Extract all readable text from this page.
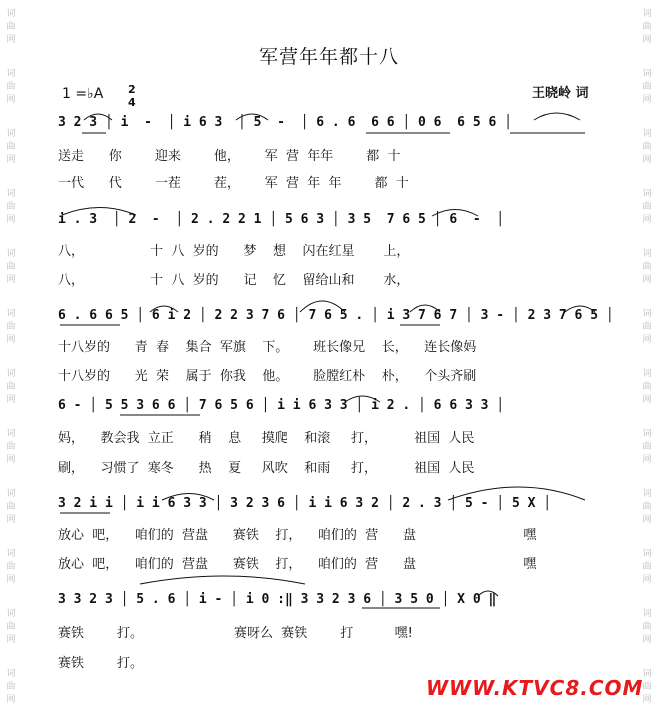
词
曲
网
词
曲
网
词
曲
网
词
曲
网
词
曲
网
词
曲
网
词
曲
网
词
曲
网
词
曲
网
词
曲
网
词
曲
网
词
曲
网
词
曲
网
词
曲
网
词
曲
网
词
曲
网
词
曲
网
词
曲
网
词
曲
网
词
曲
网
词
曲
网
词
曲
网
词
曲
网
词
曲
网
军营年年都十八
1 =♭A 2
4
王晓岭 词
3 2 3 │ i  -  │ i 6 3  │ 5  -  │ 6 . 6  6 6 │ 0 6  6 5 6 │
送走      你        迎来        他，      军  营  年年        都  十
一代      代        一茬        茬，      军  营  年  年        都  十
i . 3  │ 2  -  │ 2 . 2 2 1 │ 5 6 3 │ 3 5  7 6 5 │ 6  -  │
八，                十  八  岁的      梦    想    闪在红星       上，
八，                十  八  岁的      记    忆    留给山和       水，
6 . 6 6 5 │ 6 i 2 │ 2 2 3 7 6 │ 7 6 5 . │ i 3 7 6 7 │ 3 - │ 2 3 7 6 5 │
十八岁的      青  春    集合  军旗    下。      班长像兄    长，    连长像妈
十八岁的      光  荣    属于  你我    他。      脸膛红朴    朴，    个头齐刷
6 - │ 5 5 3 6 6 │ 7 6 5 6 │ i i 6 3 3 │ i 2 . │ 6 6 3 3 │
妈，    教会我  立正      稍    息     摸爬    和滚     打，         祖国  人民
刷，    习惯了  寒冬      热    夏     风吹    和雨     打，         祖国  人民
3 2 i i │ i i 6 3 3 │ 3 2 3 6 │ i i 6 3 2 │ 2 . 3 │ 5 - │ 5 X │
放心  吧，    咱们的  营盘      赛铁    打，    咱们的  营      盘                          嘿
放心  吧，    咱们的  营盘      赛铁    打，    咱们的  营      盘                          嘿
3 3 2 3 │ 5 . 6 │ i - │ i 0 :‖ 3 3 2 3 6 │ 3 5 0 │ X 0 ‖
赛铁        打。                      赛呀么  赛铁        打          嘿!
赛铁        打。
WWW.KTVC8.COM
